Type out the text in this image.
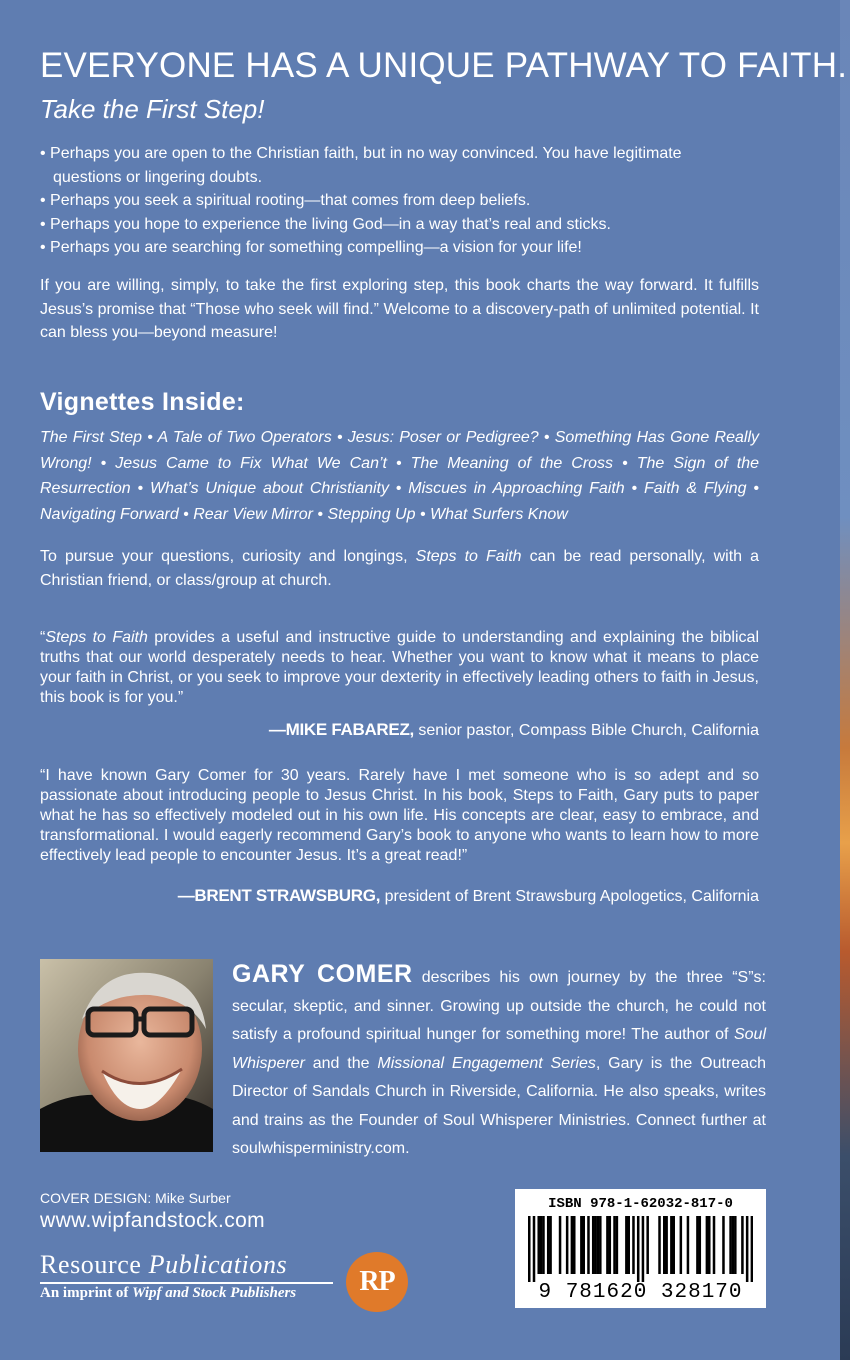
EVERYONE HAS A UNIQUE PATHWAY TO FAITH.
Take the First Step!
• Perhaps you are open to the Christian faith, but in no way convinced. You have legitimate questions or lingering doubts.
• Perhaps you seek a spiritual rooting—that comes from deep beliefs.
• Perhaps you hope to experience the living God—in a way that’s real and sticks.
• Perhaps you are searching for something compelling—a vision for your life!

If you are willing, simply, to take the first exploring step, this book charts the way forward. It fulfills Jesus’s promise that “Those who seek will find.” Welcome to a discovery-path of unlimited potential. It can bless you—beyond measure!

Vignettes Inside:

The First Step • A Tale of Two Operators • Jesus: Poser or Pedigree? • Something Has Gone Really Wrong! • Jesus Came to Fix What We Can’t • The Meaning of the Cross • The Sign of the Resurrection • What’s Unique about Christianity • Miscues in Approaching Faith • Faith & Flying • Navigating Forward • Rear View Mirror • Stepping Up • What Surfers Know

To pursue your questions, curiosity and longings, Steps to Faith can be read personally, with a Christian friend, or class/group at church.

“Steps to Faith provides a useful and instructive guide to understanding and explaining the biblical truths that our world desperately needs to hear. Whether you want to know what it means to place your faith in Christ, or you seek to improve your dexterity in effectively leading others to faith in Jesus, this book is for you.”

—MIKE FABAREZ, senior pastor, Compass Bible Church, California

“I have known Gary Comer for 30 years. Rarely have I met someone who is so adept and so passionate about introducing people to Jesus Christ. In his book, Steps to Faith, Gary puts to paper what he has so effectively modeled out in his own life. His concepts are clear, easy to embrace, and transformational. I would eagerly recommend Gary’s book to anyone who wants to learn how to more effectively lead people to encounter Jesus. It’s a great read!”

—BRENT STRAWSBURG, president of Brent Strawsburg Apologetics, California

GARY COMER describes his own journey by the three “S”s: secular, skeptic, and sinner. Growing up outside the church, he could not satisfy a profound spiritual hunger for something more! The author of Soul Whisperer and the Missional Engagement Series, Gary is the Outreach Director of Sandals Church in Riverside, California. He also speaks, writes and trains as the Founder of Soul Whisperer Ministries. Connect further at soulwhisperministry.com.

COVER DESIGN: Mike Surber
www.wipfandstock.com
Resource Publications
An imprint of Wipf and Stock Publishers	RP
ISBN 978-1-62032-817-0
9 781620 328170
